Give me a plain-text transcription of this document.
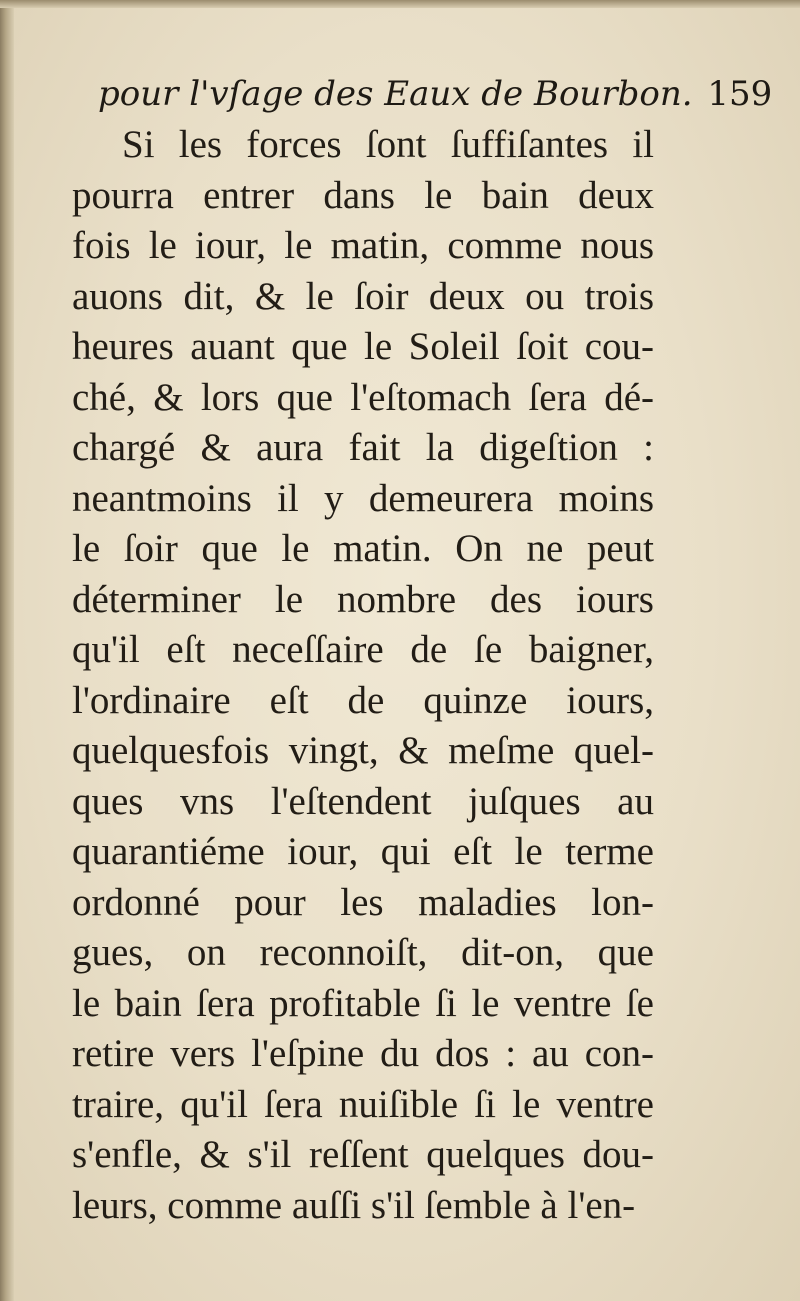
pour l'vſage des Eaux de Bourbon. 159
Si les forces ſont ſuffiſantes il
pourra entrer dans le bain deux
fois le iour, le matin, comme nous
auons dit, & le ſoir deux ou trois
heures auant que le Soleil ſoit cou-
ché, & lors que l'eſtomach ſera dé-
chargé & aura fait la digeſtion :
neantmoins il y demeurera moins
le ſoir que le matin. On ne peut
déterminer le nombre des iours
qu'il eſt neceſſaire de ſe baigner,
l'ordinaire eſt de quinze iours,
quelquesfois vingt, & meſme quel-
ques vns l'eſtendent juſques au
quarantiéme iour, qui eſt le terme
ordonné pour les maladies lon-
gues, on reconnoiſt, dit-on, que
le bain ſera profitable ſi le ventre ſe
retire vers l'eſpine du dos : au con-
traire, qu'il ſera nuiſible ſi le ventre
s'enfle, & s'il reſſent quelques dou-
leurs, comme auſſi s'il ſemble à l'en-
